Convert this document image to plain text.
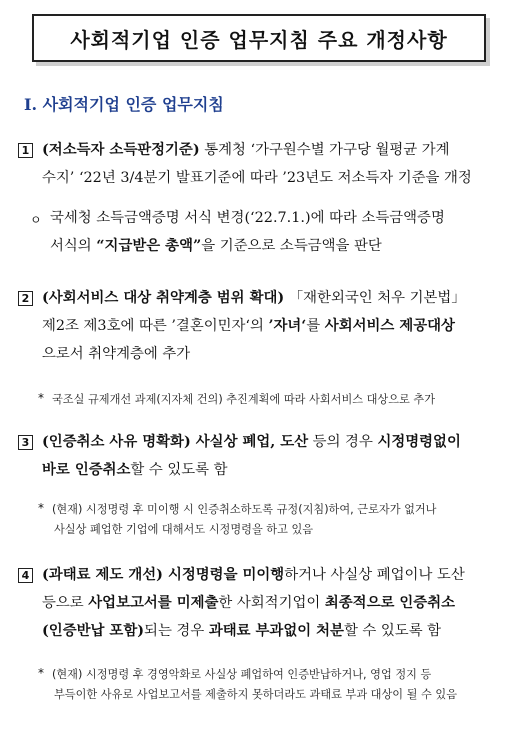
사회적기업 인증 업무지침 주요 개정사항
Ⅰ. 사회적기업 인증 업무지침
1 (저소득자 소득판정기준) 통계청 ‘가구원수별 가구당 월평균 가계
수지’ ‘22년 3/4분기 발표기준에 따라 ’23년도 저소득자 기준을 개정
ㅇ 국세청 소득금액증명 서식 변경(‘22.7.1.)에 따라 소득금액증명
서식의 “지급받은 총액”을 기준으로 소득금액을 판단
2 (사회서비스 대상 취약계층 범위 확대) 「재한외국인 처우 기본법」
제2조 제3호에 따른 ’결혼이민자‘의 ’자녀‘를 사회서비스 제공대상
으로서 취약계층에 추가
* 국조실 규제개선 과제(지자체 건의) 추진계획에 따라 사회서비스 대상으로 추가
3 (인증취소 사유 명확화) 사실상 폐업, 도산 등의 경우 시정명령없이
바로 인증취소할 수 있도록 함
* (현재) 시정명령 후 미이행 시 인증취소하도록 규정(지침)하여, 근로자가 없거나
사실상 폐업한 기업에 대해서도 시정명령을 하고 있음
4 (과태료 제도 개선) 시정명령을 미이행하거나 사실상 폐업이나 도산
등으로 사업보고서를 미제출한 사회적기업이 최종적으로 인증취소
(인증반납 포함)되는 경우 과태료 부과없이 처분할 수 있도록 함
* (현재) 시정명령 후 경영악화로 사실상 폐업하여 인증반납하거나, 영업 정지 등
부득이한 사유로 사업보고서를 제출하지 못하더라도 과태료 부과 대상이 될 수 있음
